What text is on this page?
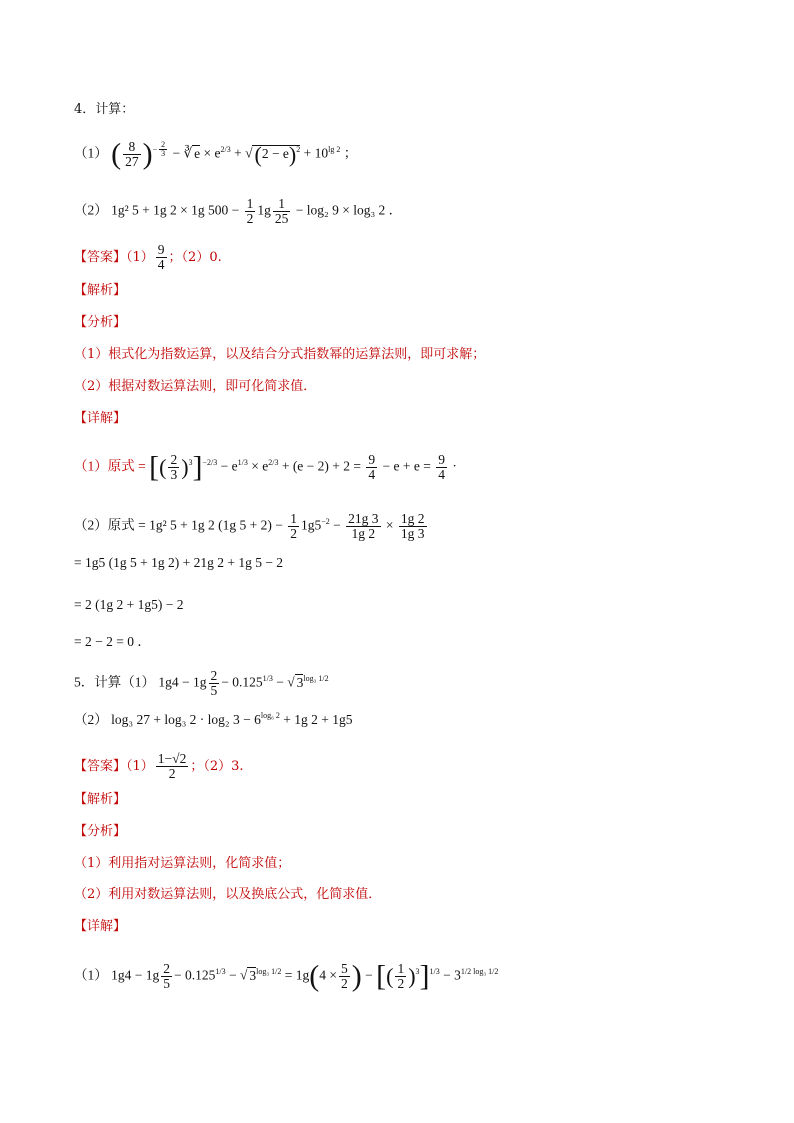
4．计算：
（1） ( $\frac{8}{27} )^{- \frac{2}{3}}$ − ∛ $e \times e^{2/3} + √(2 - e)^2 + 10^{lg 2}$ ；
（2） 1g² 5 + 1g 2 × 1g $500 - \frac{1}{2} 1g \frac{1}{25} - \log_2$ 9 × log₃ 2 ．
【答案】$(1) \frac{9}{4}$ ；（2）0.
【解析】
【分析】
（1）根式化为指数运算，以及结合分式指数幂的运算法则，即可求解；
（2）根据对数运算法则，即可化简求值．
【详解】
（1）原式 = [( $\frac{2}{3} )^3]^{-2/3} - e^{1/3} \times e^{2/3} + (e - 2) + 2 = \frac{9}{4} - e + e = \frac{9}{4}$ ·
（2）原式 = 1g² 5 + 1g 2 (1g $5 + 2) - \frac{1}{2} 1g5^{-2} - \frac{21g 3}{1g 2} \times \frac{1g 2}{1g 3}$
= 1g5 (1g 5 + 1g 2) + 21g 2 + 1g 5 − 2
= 2 (1g 2 + 1g5) − 2
= 2 − 2 = 0 ．
5．计算（1） $1g4 - 1g \frac{2}{5} - 0.125^{1/3}$ − √ $3^{log_3 1/2}$
（2） log₃ 27 + log₃ 2 · log₂ $3 - 6^{log_6 2} + 1g$ 2 + 1g5
【答案】$(1) \frac{1-√2}{2}$ ；（2）3.
【解析】
【分析】
（1）利用指对运算法则，化简求值；
（2）利用对数运算法则，以及换底公式，化简求值．
【详解】
（1） $1g4 - 1g \frac{2}{5} - 0.125^{1/3}$ − √ $3^{log_3 1/2} = 1g(4 \times \frac{5}{2}$ ) − [( $\frac{1}{2} )^3]^{1/3} - 3^{1/2 log_3 1/2}$
